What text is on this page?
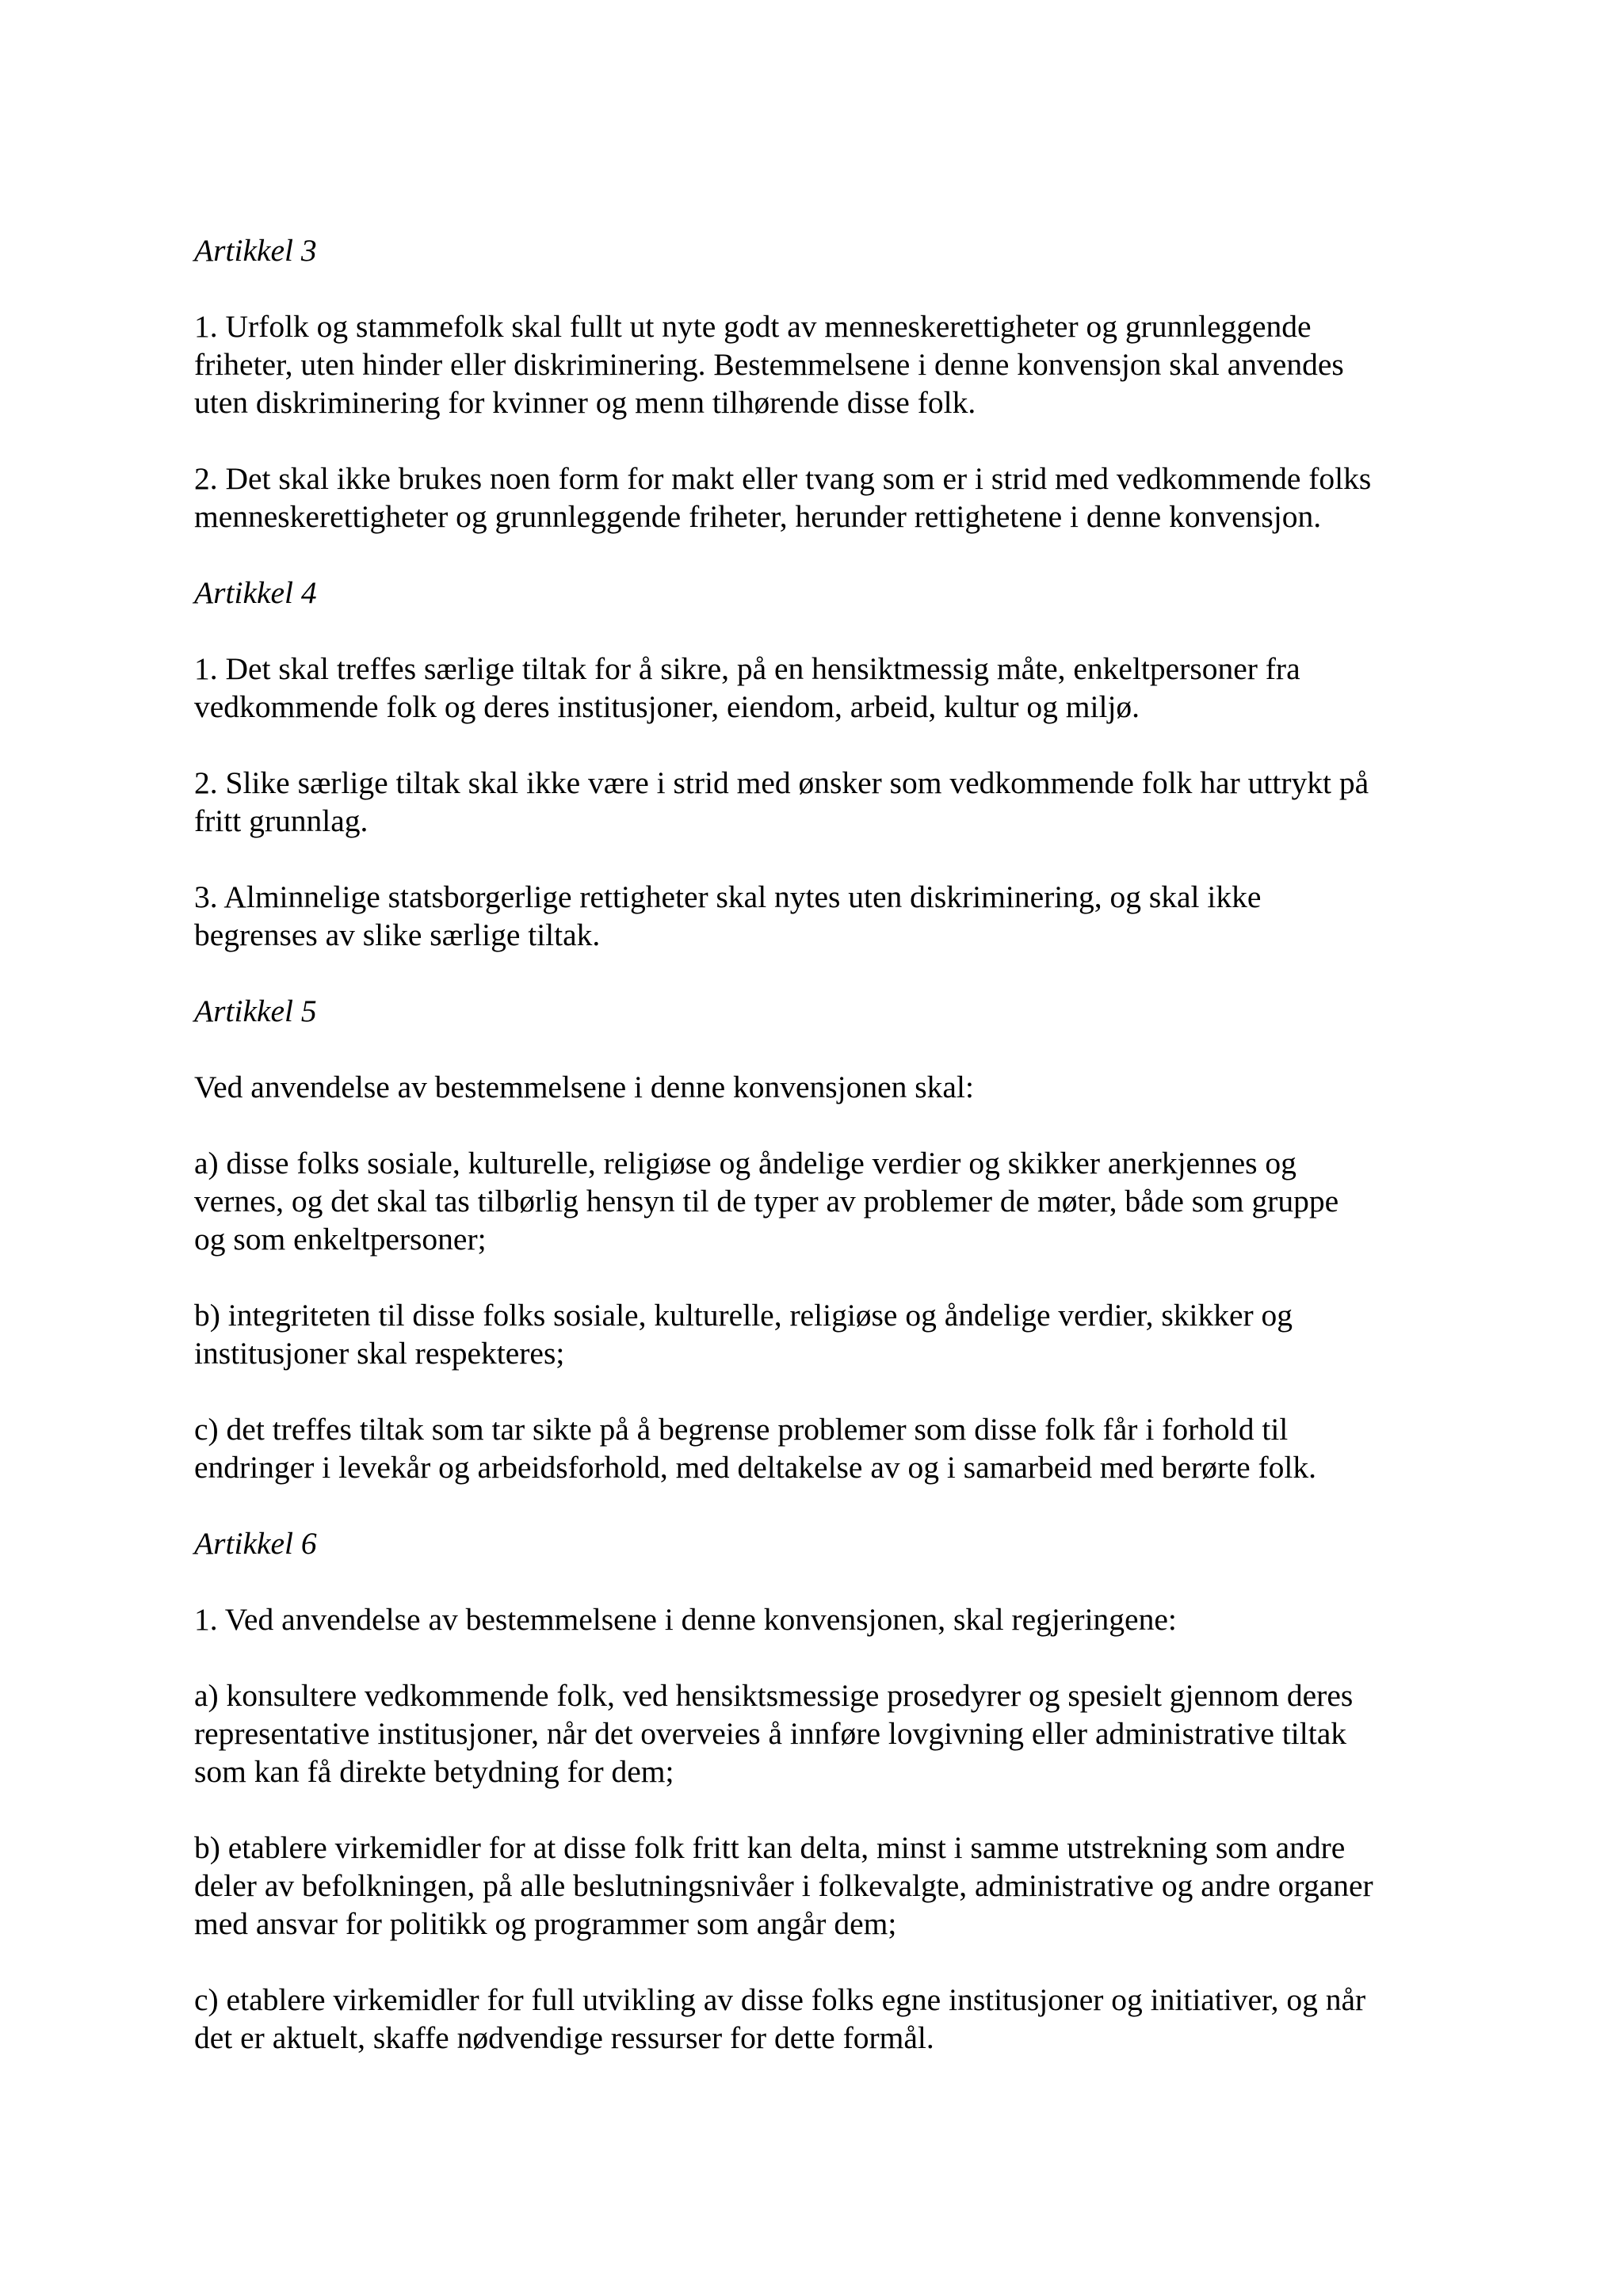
Artikkel 3
1. Urfolk og stammefolk skal fullt ut nyte godt av menneskerettigheter og grunnleggende
friheter, uten hinder eller diskriminering. Bestemmelsene i denne konvensjon skal anvendes
uten diskriminering for kvinner og menn tilhørende disse folk.
2. Det skal ikke brukes noen form for makt eller tvang som er i strid med vedkommende folks
menneskerettigheter og grunnleggende friheter, herunder rettighetene i denne konvensjon.
Artikkel 4
1. Det skal treffes særlige tiltak for å sikre, på en hensiktmessig måte, enkeltpersoner fra
vedkommende folk og deres institusjoner, eiendom, arbeid, kultur og miljø.
2. Slike særlige tiltak skal ikke være i strid med ønsker som vedkommende folk har uttrykt på
fritt grunnlag.
3. Alminnelige statsborgerlige rettigheter skal nytes uten diskriminering, og skal ikke
begrenses av slike særlige tiltak.
Artikkel 5
Ved anvendelse av bestemmelsene i denne konvensjonen skal:
a) disse folks sosiale, kulturelle, religiøse og åndelige verdier og skikker anerkjennes og
vernes, og det skal tas tilbørlig hensyn til de typer av problemer de møter, både som gruppe
og som enkeltpersoner;
b) integriteten til disse folks sosiale, kulturelle, religiøse og åndelige verdier, skikker og
institusjoner skal respekteres;
c) det treffes tiltak som tar sikte på å begrense problemer som disse folk får i forhold til
endringer i levekår og arbeidsforhold, med deltakelse av og i samarbeid med berørte folk.
Artikkel 6
1. Ved anvendelse av bestemmelsene i denne konvensjonen, skal regjeringene:
a) konsultere vedkommende folk, ved hensiktsmessige prosedyrer og spesielt gjennom deres
representative institusjoner, når det overveies å innføre lovgivning eller administrative tiltak
som kan få direkte betydning for dem;
b) etablere virkemidler for at disse folk fritt kan delta, minst i samme utstrekning som andre
deler av befolkningen, på alle beslutningsnivåer i folkevalgte, administrative og andre organer
med ansvar for politikk og programmer som angår dem;
c) etablere virkemidler for full utvikling av disse folks egne institusjoner og initiativer, og når
det er aktuelt, skaffe nødvendige ressurser for dette formål.
